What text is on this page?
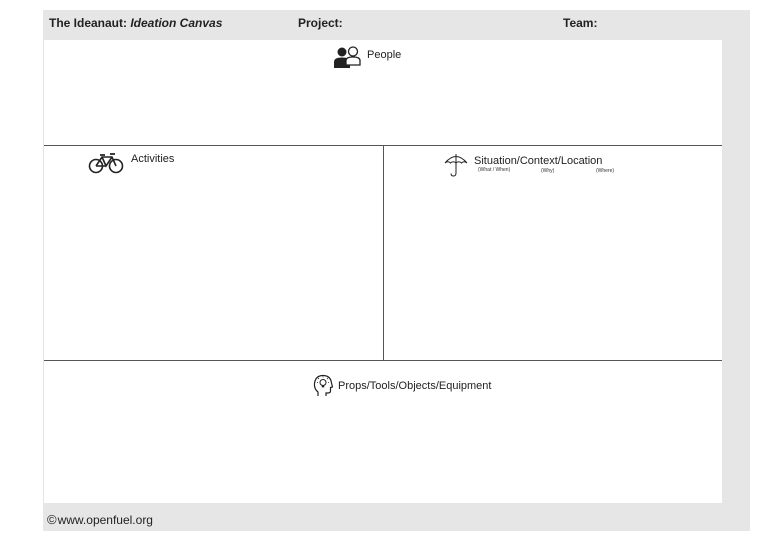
The Ideanaut: Ideation Canvas	Project:	Team:
People
Activities	Situation/Context/Location
(What / When)	(Why)	(Where)
Props/Tools/Objects/Equipment
© www.openfuel.org
